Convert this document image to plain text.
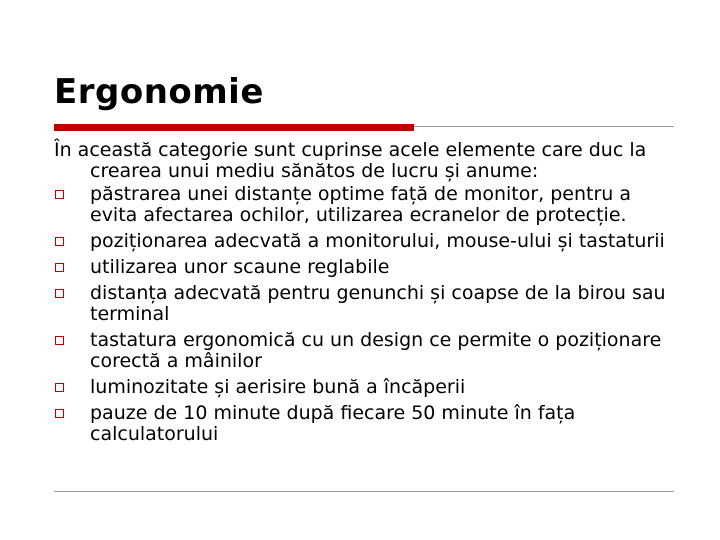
Ergonomie

În această categorie sunt cuprinse acele elemente care duc la crearea unui mediu sănătos de lucru și anume:

păstrarea unei distanțe optime față de monitor, pentru a evita afectarea ochilor, utilizarea ecranelor de protecție.
poziționarea adecvată a monitorului, mouse-ului și tastaturii
utilizarea unor scaune reglabile
distanța adecvată pentru genunchi și coapse de la birou sau terminal
tastatura ergonomică cu un design ce permite o poziționare corectă a mâinilor
luminozitate și aerisire bună a încăperii
pauze de 10 minute după fiecare 50 minute în fața calculatorului
